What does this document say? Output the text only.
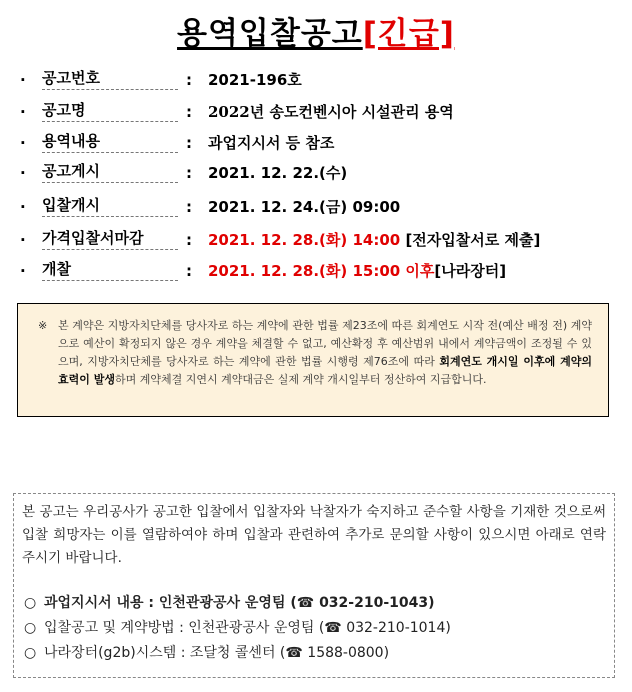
용역입찰공고[긴급]
· 공고번호	: 2021-196호
· 공고명	: 2022년 송도컨벤시아 시설관리 용역
· 용역내용	: 과업지시서 등 참조
· 공고게시	: 2021. 12. 22.(수)
· 입찰개시	: 2021. 12. 24.(금) 09:00
· 가격입찰서마감	: 2021. 12. 28.(화) 14:00 [전자입찰서로 제출]
· 개찰	: 2021. 12. 28.(화) 15:00 이후[나라장터]
※ 본 계약은 지방자치단체를 당사자로 하는 계약에 관한 법률 제23조에 따른 회계연도 시작 전(예산 배정 전) 계약으로 예산이 확정되지 않은 경우 계약을 체결할 수 없고, 예산확정 후 예산범위 내에서 계약금액이 조정될 수 있으며, 지방자치단체를 당사자로 하는 계약에 관한 법률 시행령 제76조에 따라 회계연도 개시일 이후에 계약의 효력이 발생하며 계약체결 지연시 계약대금은 실제 계약 개시일부터 정산하여 지급합니다.
본 공고는 우리공사가 공고한 입찰에서 입찰자와 낙찰자가 숙지하고 준수할 사항을 기재한 것으로써 입찰 희망자는 이를 열람하여야 하며 입찰과 관련하여 추가로 문의할 사항이 있으시면 아래로 연락주시기 바랍니다.
○ 과업지시서 내용 : 인천관광공사 운영팀 (☎ 032-210-1043)
○ 입찰공고 및 계약방법 : 인천관광공사 운영팀 (☎ 032-210-1014)
○ 나라장터(g2b)시스템 : 조달청 콜센터 (☎ 1588-0800)
